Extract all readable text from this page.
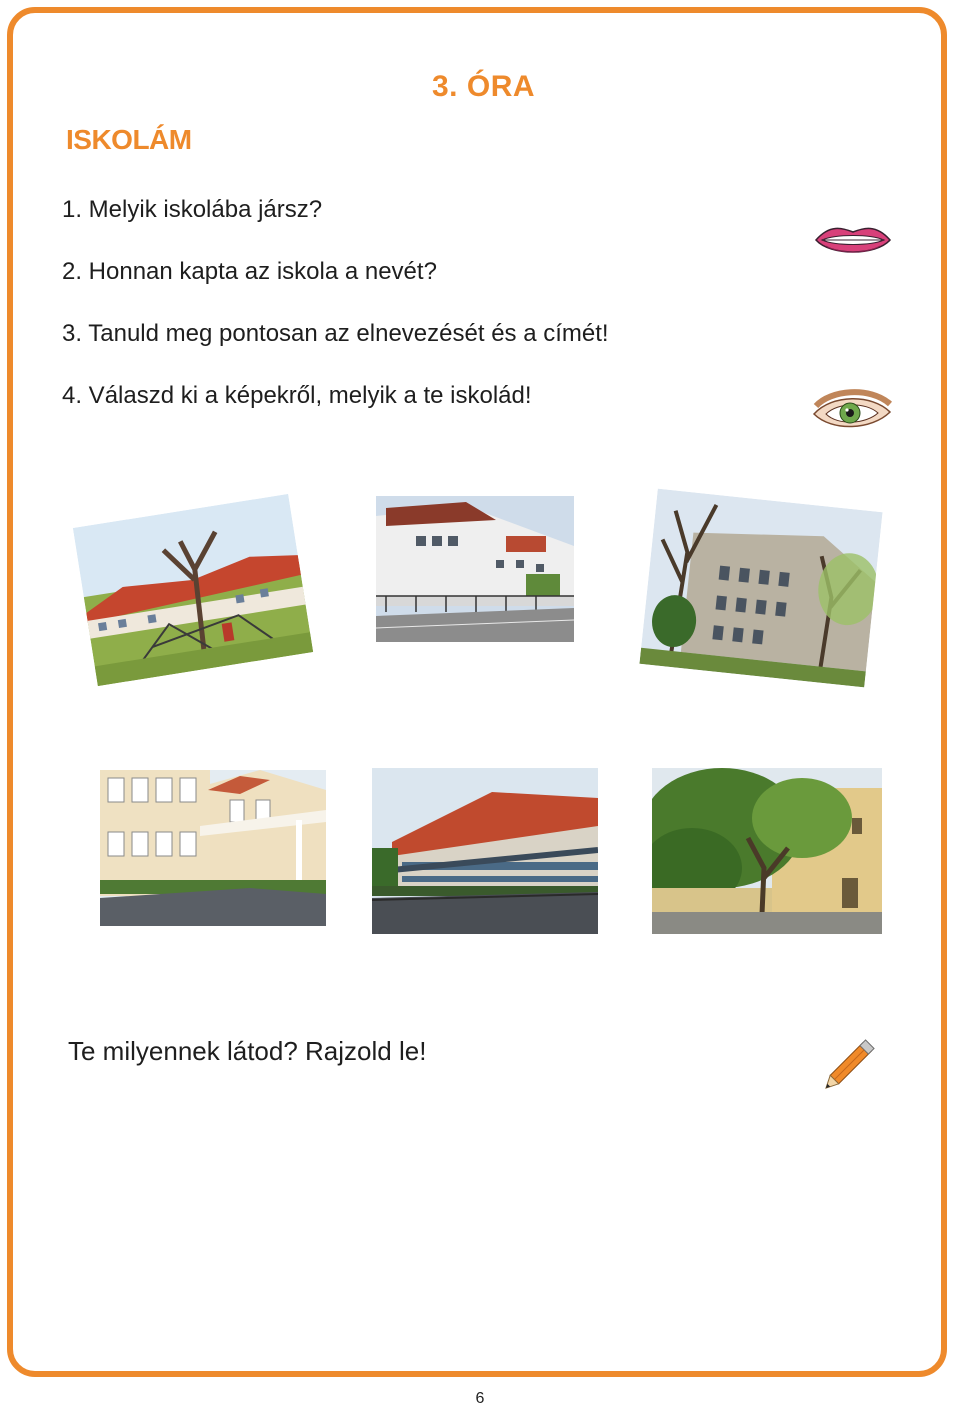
3. ÓRA
ISKOLÁM
1. Melyik iskolába jársz?
2. Honnan kapta az iskola a nevét?
3. Tanuld meg pontosan az elnevezését és a címét!
4. Válaszd ki a képekről, melyik a te iskolád!
Te milyennek látod? Rajzold le!
6
